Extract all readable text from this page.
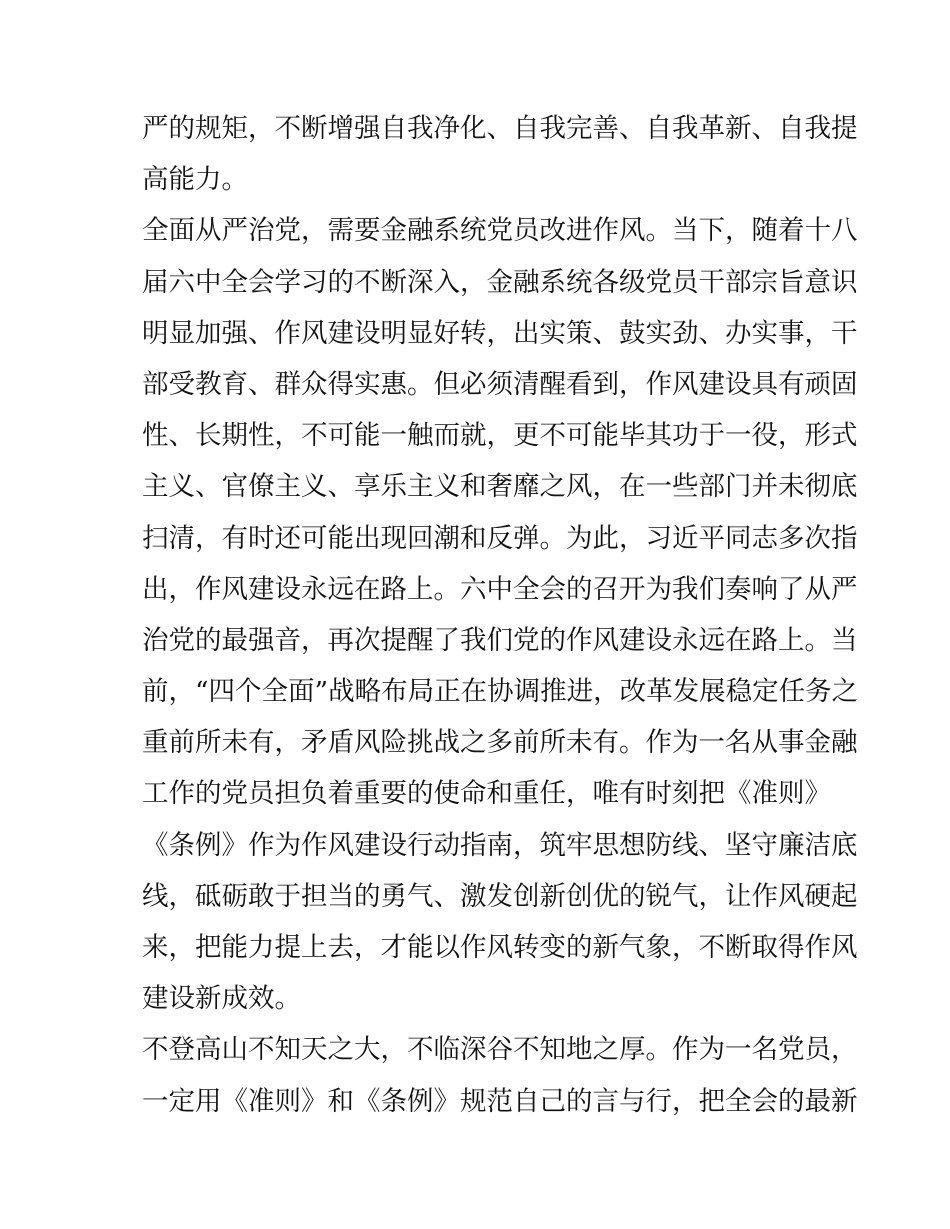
严的规矩，不断增强自我净化、自我完善、自我革新、自我提

高能力。

全面从严治党，需要金融系统党员改进作风。当下，随着十八

届六中全会学习的不断深入，金融系统各级党员干部宗旨意识

明显加强、作风建设明显好转，出实策、鼓实劲、办实事，干

部受教育、群众得实惠。但必须清醒看到，作风建设具有顽固

性、长期性，不可能一触而就，更不可能毕其功于一役，形式

主义、官僚主义、享乐主义和奢靡之风，在一些部门并未彻底

扫清，有时还可能出现回潮和反弹。为此，习近平同志多次指

出，作风建设永远在路上。六中全会的召开为我们奏响了从严

治党的最强音，再次提醒了我们党的作风建设永远在路上。当

前，“四个全面”战略布局正在协调推进，改革发展稳定任务之

重前所未有，矛盾风险挑战之多前所未有。作为一名从事金融

工作的党员担负着重要的使命和重任，唯有时刻把《准则》

《条例》作为作风建设行动指南，筑牢思想防线、坚守廉洁底

线，砥砺敢于担当的勇气、激发创新创优的锐气，让作风硬起

来，把能力提上去，才能以作风转变的新气象，不断取得作风

建设新成效。

不登高山不知天之大，不临深谷不知地之厚。作为一名党员，

一定用《准则》和《条例》规范自己的言与行，把全会的最新
